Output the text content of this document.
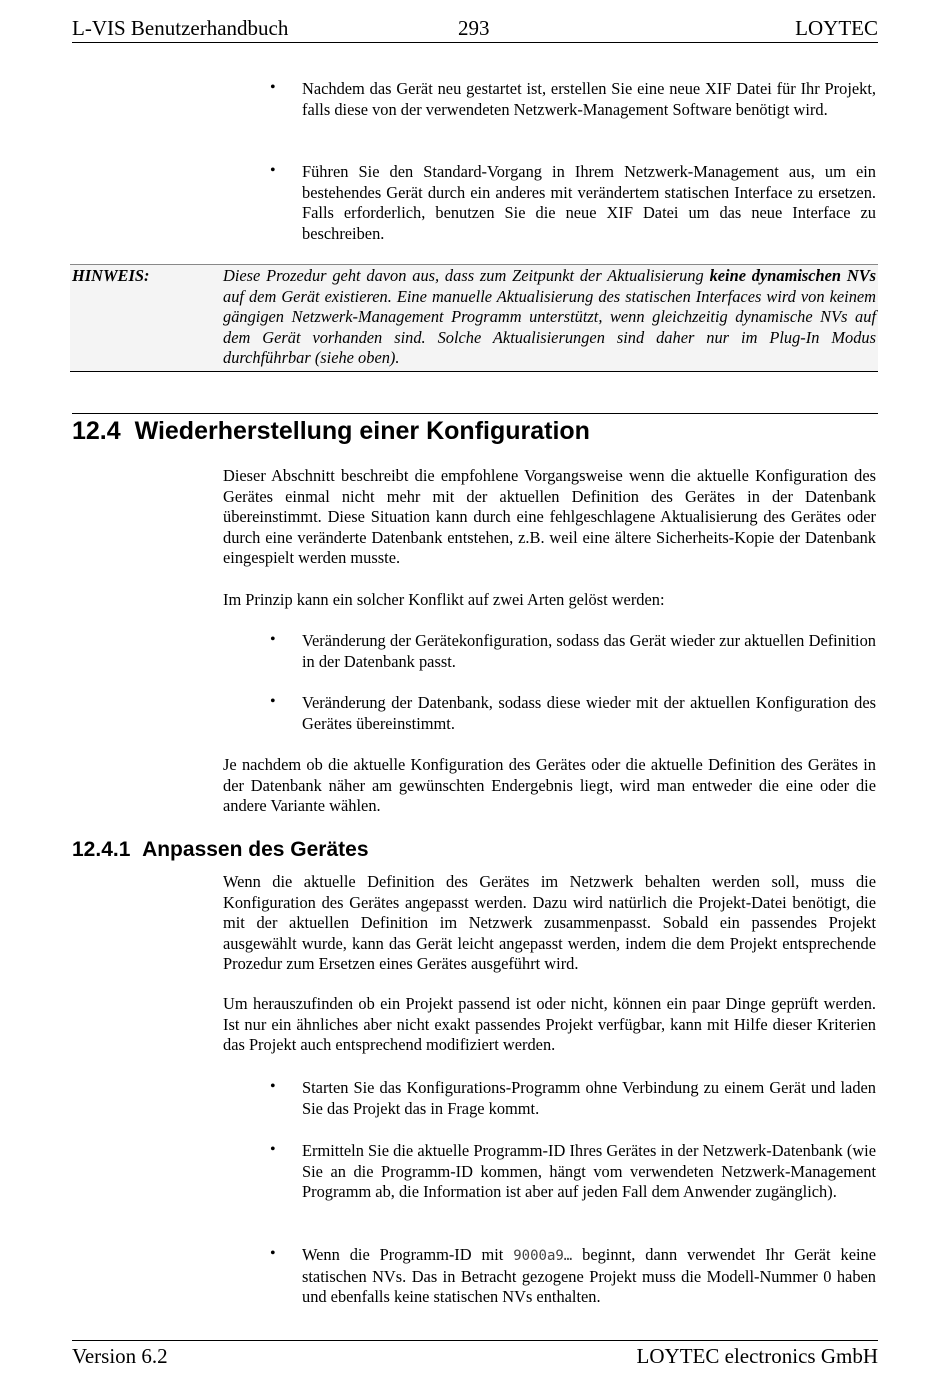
L-VIS Benutzerhandbuch	293	LOYTEC
• Nachdem das Gerät neu gestartet ist, erstellen Sie eine neue XIF Datei für Ihr Projekt, falls diese von der verwendeten Netzwerk-Management Software benötigt wird.
• Führen Sie den Standard-Vorgang in Ihrem Netzwerk-Management aus, um ein bestehendes Gerät durch ein anderes mit verändertem statischen Interface zu ersetzen. Falls erforderlich, benutzen Sie die neue XIF Datei um das neue Interface zu beschreiben.
HINWEIS:	Diese Prozedur geht davon aus, dass zum Zeitpunkt der Aktualisierung keine dynamischen NVs auf dem Gerät existieren. Eine manuelle Aktualisierung des statischen Interfaces wird von keinem gängigen Netzwerk-Management Programm unterstützt, wenn gleichzeitig dynamische NVs auf dem Gerät vorhanden sind. Solche Aktualisierungen sind daher nur im Plug-In Modus durchführbar (siehe oben).
12.4 Wiederherstellung einer Konfiguration
Dieser Abschnitt beschreibt die empfohlene Vorgangsweise wenn die aktuelle Konfiguration des Gerätes einmal nicht mehr mit der aktuellen Definition des Gerätes in der Datenbank übereinstimmt. Diese Situation kann durch eine fehlgeschlagene Aktualisierung des Gerätes oder durch eine veränderte Datenbank entstehen, z.B. weil eine ältere Sicherheits-Kopie der Datenbank eingespielt werden musste.
Im Prinzip kann ein solcher Konflikt auf zwei Arten gelöst werden:
• Veränderung der Gerätekonfiguration, sodass das Gerät wieder zur aktuellen Definition in der Datenbank passt.
• Veränderung der Datenbank, sodass diese wieder mit der aktuellen Konfiguration des Gerätes übereinstimmt.
Je nachdem ob die aktuelle Konfiguration des Gerätes oder die aktuelle Definition des Gerätes in der Datenbank näher am gewünschten Endergebnis liegt, wird man entweder die eine oder die andere Variante wählen.
12.4.1 Anpassen des Gerätes
Wenn die aktuelle Definition des Gerätes im Netzwerk behalten werden soll, muss die Konfiguration des Gerätes angepasst werden. Dazu wird natürlich die Projekt-Datei benötigt, die mit der aktuellen Definition im Netzwerk zusammenpasst. Sobald ein passendes Projekt ausgewählt wurde, kann das Gerät leicht angepasst werden, indem die dem Projekt entsprechende Prozedur zum Ersetzen eines Gerätes ausgeführt wird.
Um herauszufinden ob ein Projekt passend ist oder nicht, können ein paar Dinge geprüft werden. Ist nur ein ähnliches aber nicht exakt passendes Projekt verfügbar, kann mit Hilfe dieser Kriterien das Projekt auch entsprechend modifiziert werden.
• Starten Sie das Konfigurations-Programm ohne Verbindung zu einem Gerät und laden Sie das Projekt das in Frage kommt.
• Ermitteln Sie die aktuelle Programm-ID Ihres Gerätes in der Netzwerk-Datenbank (wie Sie an die Programm-ID kommen, hängt vom verwendeten Netzwerk-Management Programm ab, die Information ist aber auf jeden Fall dem Anwender zugänglich).
• Wenn die Programm-ID mit 9000a9… beginnt, dann verwendet Ihr Gerät keine statischen NVs. Das in Betracht gezogene Projekt muss die Modell-Nummer 0 haben und ebenfalls keine statischen NVs enthalten.
Version 6.2	LOYTEC electronics GmbH
